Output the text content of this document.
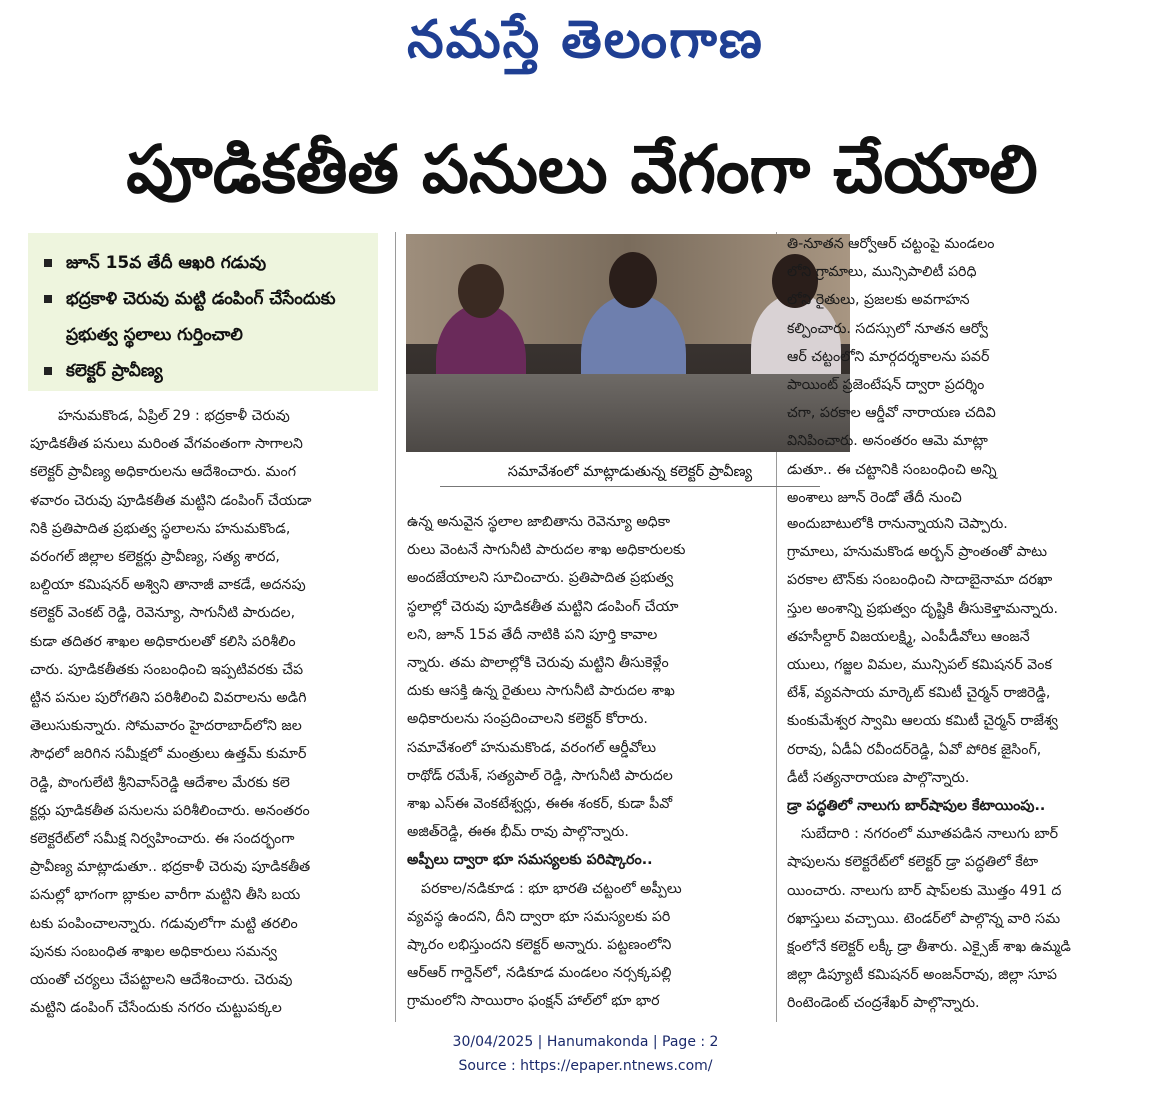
నమస్తే తెలంగాణ
పూడికతీత పనులు వేగంగా చేయాలి
జూన్ 15వ తేదీ ఆఖరి గడువు
భద్రకాళి చెరువు మట్టి డంపింగ్ చేసేందుకు ప్రభుత్వ స్థలాలు గుర్తించాలి
కలెక్టర్ ప్రావీణ్య
సమావేశంలో మాట్లాడుతున్న కలెక్టర్ ప్రావీణ్య
హనుమకొండ, ఏప్రిల్ 29 : భద్రకాళీ చెరువు
పూడికతీత పనులు మరింత వేగవంతంగా సాగాలని
కలెక్టర్ ప్రావీణ్య అధికారులను ఆదేశించారు. మంగ
ళవారం చెరువు పూడికతీత మట్టిని డంపింగ్ చేయడా
నికి ప్రతిపాదిత ప్రభుత్వ స్థలాలను హనుమకొండ,
వరంగల్ జిల్లాల కలెక్టర్లు ప్రావీణ్య, సత్య శారద,
బల్దియా కమిషనర్ అశ్విని తానాజీ వాకడే, అదనపు
కలెక్టర్ వెంకట్ రెడ్డి, రెవెన్యూ, సాగునీటి పారుదల,
కుడా తదితర శాఖల అధికారులతో కలిసి పరిశీలిం
చారు. పూడికతీతకు సంబంధించి ఇప్పటివరకు చేప
ట్టిన పనుల పురోగతిని పరిశీలించి వివరాలను అడిగి
తెలుసుకున్నారు. సోమవారం హైదరాబాద్‌లోని జల
సౌధలో జరిగిన సమీక్షలో మంత్రులు ఉత్తమ్ కుమార్
రెడ్డి, పొంగులేటి శ్రీనివాస్‌రెడ్డి ఆదేశాల మేరకు కలె
క్టర్లు పూడికతీత పనులను పరిశీలించారు. అనంతరం
కలెక్టరేట్‌లో సమీక్ష నిర్వహించారు. ఈ సందర్భంగా
ప్రావీణ్య మాట్లాడుతూ.. భద్రకాళీ చెరువు పూడికతీత
పనుల్లో భాగంగా బ్లాకుల వారీగా మట్టిని తీసి బయ
టకు పంపించాలన్నారు. గడువులోగా మట్టి తరలిం
పునకు సంబంధిత శాఖల అధికారులు సమన్వ
యంతో చర్యలు చేపట్టాలని ఆదేశించారు. చెరువు
మట్టిని డంపింగ్ చేసేందుకు నగరం చుట్టుపక్కల
ఉన్న అనువైన స్థలాల జాబితాను రెవెన్యూ అధికా
రులు వెంటనే సాగునీటి పారుదల శాఖ అధికారులకు
అందజేయాలని సూచించారు. ప్రతిపాదిత ప్రభుత్వ
స్థలాల్లో చెరువు పూడికతీత మట్టిని డంపింగ్ చేయా
లని, జూన్ 15వ తేదీ నాటికి పని పూర్తి కావాల
న్నారు. తమ పొలాల్లోకి చెరువు మట్టిని తీసుకెళ్లేం
దుకు ఆసక్తి ఉన్న రైతులు సాగునీటి పారుదల శాఖ
అధికారులను సంప్రదించాలని కలెక్టర్ కోరారు.
సమావేశంలో హనుమకొండ, వరంగల్ ఆర్డీవోలు
రాథోడ్ రమేశ్, సత్యపాల్ రెడ్డి, సాగునీటి పారుదల
శాఖ ఎస్‌ఈ వెంకటేశ్వర్లు, ఈఈ శంకర్, కుడా పీవో
అజిత్‌రెడ్డి, ఈఈ భీమ్ రావు పాల్గొన్నారు.
అప్పీలు ద్వారా భూ సమస్యలకు పరిష్కారం..
పరకాల/నడికూడ : భూ భారతి చట్టంలో అప్పీలు
వ్యవస్థ ఉందని, దీని ద్వారా భూ సమస్యలకు పరి
ష్కారం లభిస్తుందని కలెక్టర్ అన్నారు. పట్టణంలోని
ఆర్‌ఆర్ గార్డెన్‌లో, నడికూడ మండలం నర్సక్కపల్లి
గ్రామంలోని సాయిరాం ఫంక్షన్ హాల్‌లో భూ భార
తి-నూతన ఆర్వోఆర్ చట్టంపై మండలం
లోని గ్రామాలు, మున్సిపాలిటీ పరిధి
లోని రైతులు, ప్రజలకు అవగాహన
కల్పించారు. సదస్సులో నూతన ఆర్వో
ఆర్ చట్టంలోని మార్గదర్శకాలను పవర్
పాయింట్ ప్రజెంటేషన్ ద్వారా ప్రదర్శిం
చగా, పరకాల ఆర్డీవో నారాయణ చదివి
వినిపించారు. అనంతరం ఆమె మాట్లా
డుతూ.. ఈ చట్టానికి సంబంధించి అన్ని
అంశాలు జూన్ రెండో తేదీ నుంచి
అందుబాటులోకి రానున్నాయని చెప్పారు.
గ్రామాలు, హనుమకొండ అర్బన్ ప్రాంతంతో పాటు
పరకాల టౌన్‌కు సంబంధించి సాదాబైనామా దరఖా
స్తుల అంశాన్ని ప్రభుత్వం దృష్టికి తీసుకెళ్తామన్నారు.
తహసీల్దార్ విజయలక్ష్మి, ఎంపీడీవోలు ఆంజనే
యులు, గజ్జల విమల, మున్సిపల్ కమిషనర్ వెంక
టేశ్, వ్యవసాయ మార్కెట్ కమిటీ చైర్మన్ రాజిరెడ్డి,
కుంకుమేశ్వర స్వామి ఆలయ కమిటీ చైర్మన్ రాజేశ్వ
రరావు, ఏడీఏ రవీందర్‌రెడ్డి, ఏవో పోరిక జైసింగ్,
డీటీ సత్యనారాయణ పాల్గొన్నారు.
డ్రా పద్ధతిలో నాలుగు బార్‌షాపుల కేటాయింపు..
సుబేదారి : నగరంలో మూతపడిన నాలుగు బార్
షాపులను కలెక్టరేట్‌లో కలెక్టర్ డ్రా పద్ధతిలో కేటా
యించారు. నాలుగు బార్ షాప్‌లకు మొత్తం 491 ద
రఖాస్తులు వచ్చాయి. టెండర్‌లో పాల్గొన్న వారి సమ
క్షంలోనే కలెక్టర్ లక్కీ డ్రా తీశారు. ఎక్సైజ్ శాఖ ఉమ్మడి
జిల్లా డిప్యూటీ కమిషనర్ అంజన్‌రావు, జిల్లా సూప
రింటెండెంట్ చంద్రశేఖర్ పాల్గొన్నారు.
30/04/2025 | Hanumakonda | Page : 2
Source : https://epaper.ntnews.com/
